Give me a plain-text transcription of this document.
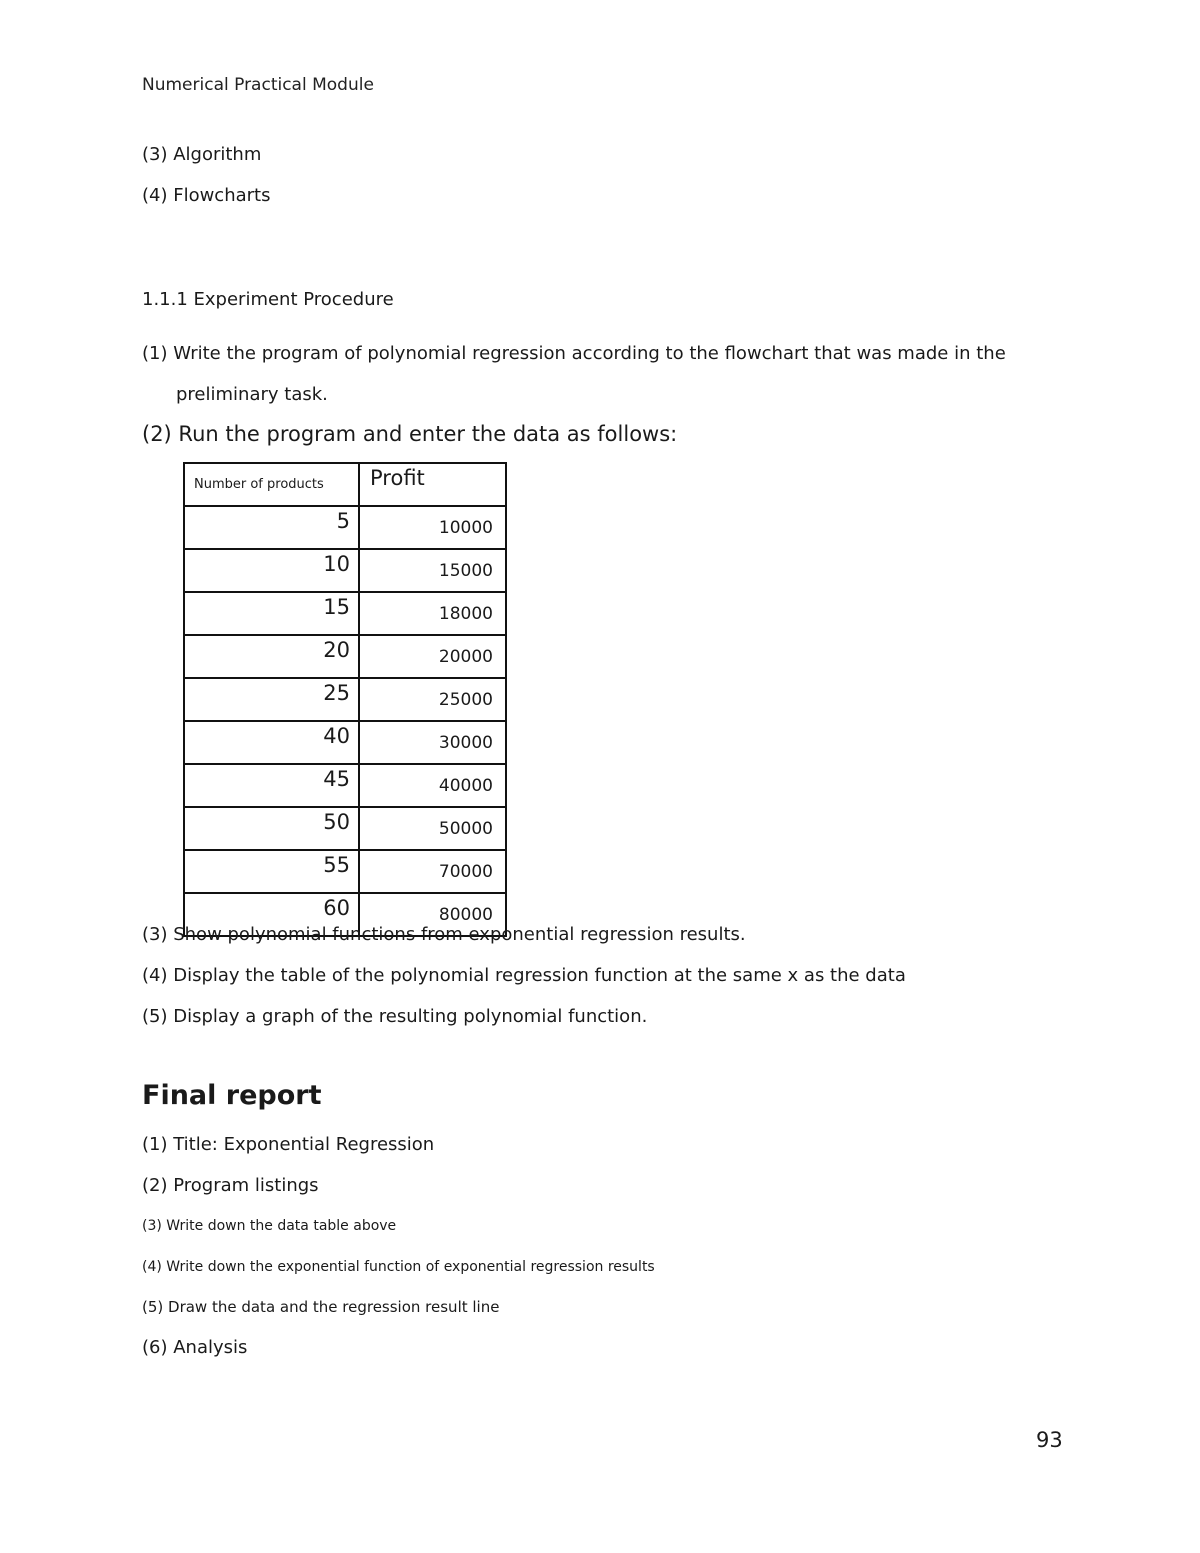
Numerical Practical Module
(3) Algorithm
(4) Flowcharts
1.1.1 Experiment Procedure
(1) Write the program of polynomial regression according to the flowchart that was made in the
preliminary task.
(2) Run the program and enter the data as follows:
Number of products	Profit
5	10000
10	15000
15	18000
20	20000
25	25000
40	30000
45	40000
50	50000
55	70000
60	80000
(3) Show polynomial functions from exponential regression results.
(4) Display the table of the polynomial regression function at the same x as the data
(5) Display a graph of the resulting polynomial function.
Final report
(1) Title: Exponential Regression
(2) Program listings
(3) Write down the data table above
(4) Write down the exponential function of exponential regression results
(5) Draw the data and the regression result line
(6) Analysis
93
